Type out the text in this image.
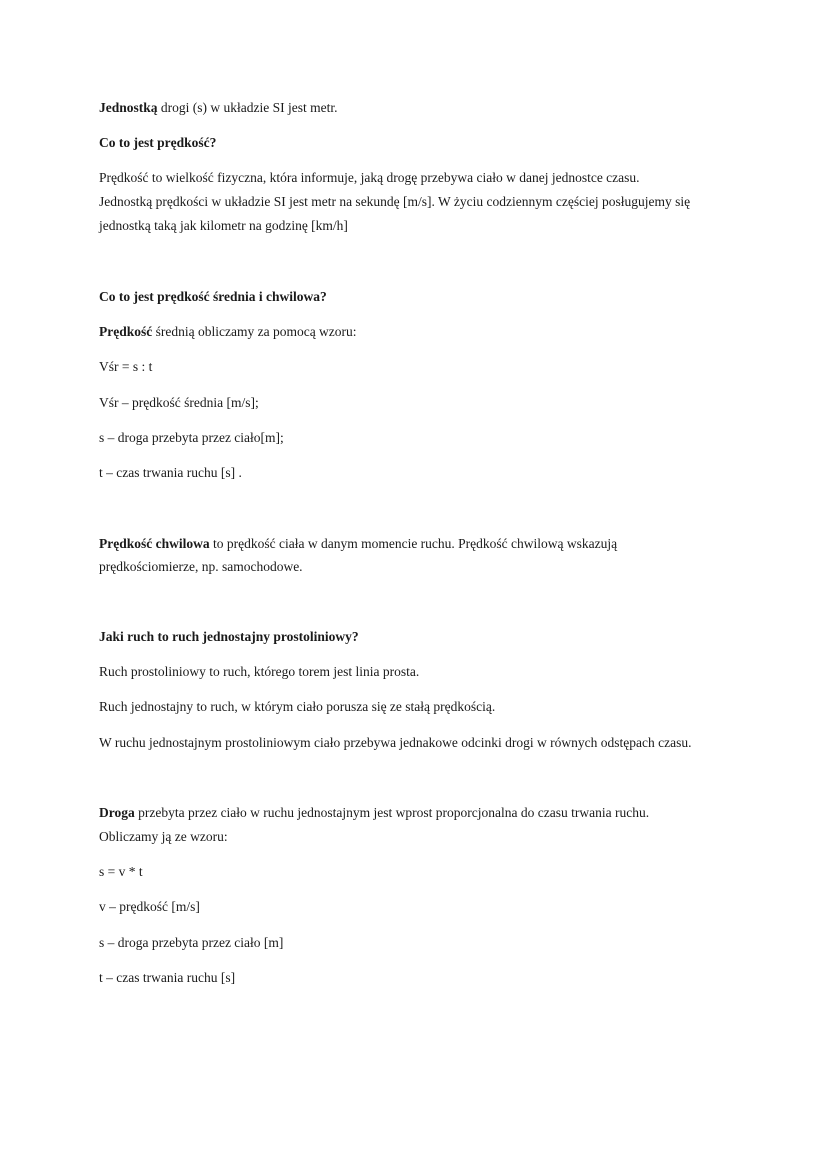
Jednostką drogi (s) w układzie SI jest metr.
Co to jest prędkość?
Prędkość to wielkość fizyczna, która informuje, jaką drogę przebywa ciało w danej jednostce czasu.
Jednostką prędkości w układzie SI jest metr na sekundę [m/s]. W życiu codziennym częściej posługujemy się
jednostką taką jak kilometr na godzinę [km/h]
Co to jest prędkość średnia i chwilowa?
Prędkość średnią obliczamy za pomocą wzoru:
Vśr = s : t
Vśr – prędkość średnia [m/s];
s – droga przebyta przez ciało[m];
t – czas trwania ruchu [s] .
Prędkość chwilowa to prędkość ciała w danym momencie ruchu. Prędkość chwilową wskazują
prędkościomierze, np. samochodowe.
Jaki ruch to ruch jednostajny prostoliniowy?
Ruch prostoliniowy to ruch, którego torem jest linia prosta.
Ruch jednostajny to ruch, w którym ciało porusza się ze stałą prędkością.
W ruchu jednostajnym prostoliniowym ciało przebywa jednakowe odcinki drogi w równych odstępach czasu.
Droga przebyta przez ciało w ruchu jednostajnym jest wprost proporcjonalna do czasu trwania ruchu.
Obliczamy ją ze wzoru:
s = v * t
v – prędkość [m/s]
s – droga przebyta przez ciało [m]
t – czas trwania ruchu [s]
